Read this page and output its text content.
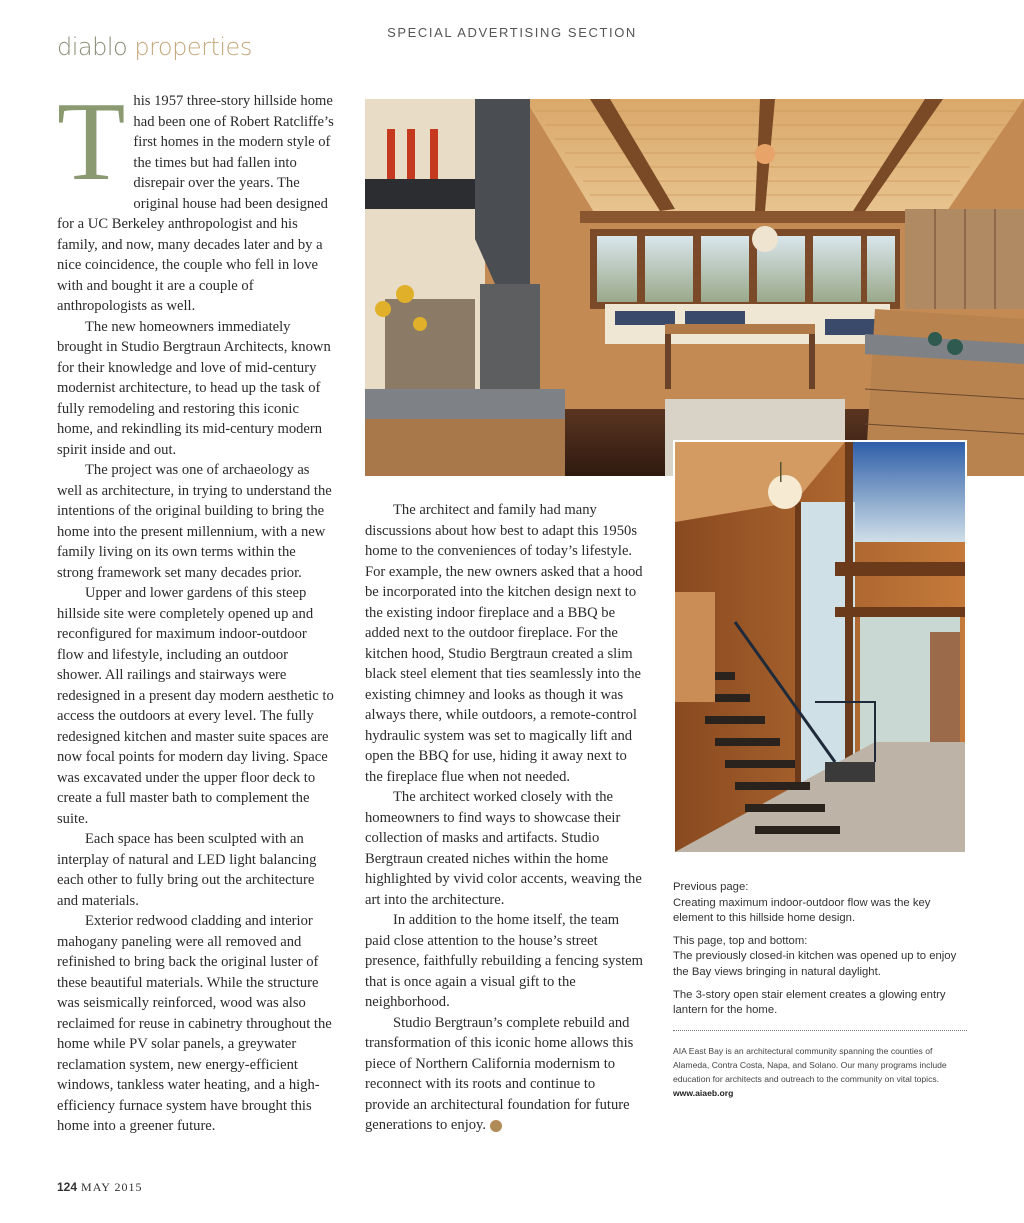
SPECIAL ADVERTISING SECTION
diablo properties

This 1957 three-story hillside home had been one of Robert Ratcliffe’s first homes in the modern style of the times but had fallen into disrepair over the years. The original house had been designed for a UC Berkeley anthropologist and his family, and now, many decades later and by a nice coincidence, the couple who fell in love with and bought it are a couple of anthropologists as well.

The new homeowners immediately brought in Studio Bergtraun Architects, known for their knowledge and love of mid-century modernist architecture, to head up the task of fully remodeling and restoring this iconic home, and rekindling its mid-century modern spirit inside and out.

The project was one of archaeology as well as architecture, in trying to understand the intentions of the original building to bring the home into the present millennium, with a new family living on its own terms within the strong framework set many decades prior.

Upper and lower gardens of this steep hillside site were completely opened up and reconfigured for maximum indoor-outdoor flow and lifestyle, including an outdoor shower. All railings and stairways were redesigned in a present day modern aesthetic to access the outdoors at every level. The fully redesigned kitchen and master suite spaces are now focal points for modern day living. Space was excavated under the upper floor deck to create a full master bath to complement the suite.

Each space has been sculpted with an interplay of natural and LED light balancing each other to fully bring out the architecture and materials.

Exterior redwood cladding and interior mahogany paneling were all removed and refinished to bring back the original luster of these beautiful materials. While the structure was seismically reinforced, wood was also reclaimed for reuse in cabinetry throughout the home while PV solar panels, a greywater reclamation system, new energy-efficient windows, tankless water heating, and a high-efficiency furnace system have brought this home into a greener future.

The architect and family had many discussions about how best to adapt this 1950s home to the conveniences of today’s lifestyle. For example, the new owners asked that a hood be incorporated into the kitchen design next to the existing indoor fireplace and a BBQ be added next to the outdoor fireplace. For the kitchen hood, Studio Bergtraun created a slim black steel element that ties seamlessly into the existing chimney and looks as though it was always there, while outdoors, a remote-control hydraulic system was set to magically lift and open the BBQ for use, hiding it away next to the fireplace flue when not needed.

The architect worked closely with the homeowners to find ways to showcase their collection of masks and artifacts. Studio Bergtraun created niches within the home highlighted by vivid color accents, weaving the art into the architecture.

In addition to the home itself, the team paid close attention to the house’s street presence, faithfully rebuilding a fencing system that is once again a visual gift to the neighborhood.

Studio Bergtraun’s complete rebuild and transformation of this iconic home allows this piece of Northern California modernism to reconnect with its roots and continue to provide an architectural foundation for future generations to enjoy.	d

Previous page:
Creating maximum indoor-outdoor flow was the key element to this hillside home design.
This page, top and bottom:
The previously closed-in kitchen was opened up to enjoy the Bay views bringing in natural daylight.
The 3-story open stair element creates a glowing entry lantern for the home.
AIA East Bay is an architectural community spanning the counties of Alameda, Contra Costa, Napa, and Solano. Our many programs include education for architects and outreach to the community on vital topics. www.aiaeb.org
124 MAY 2015
